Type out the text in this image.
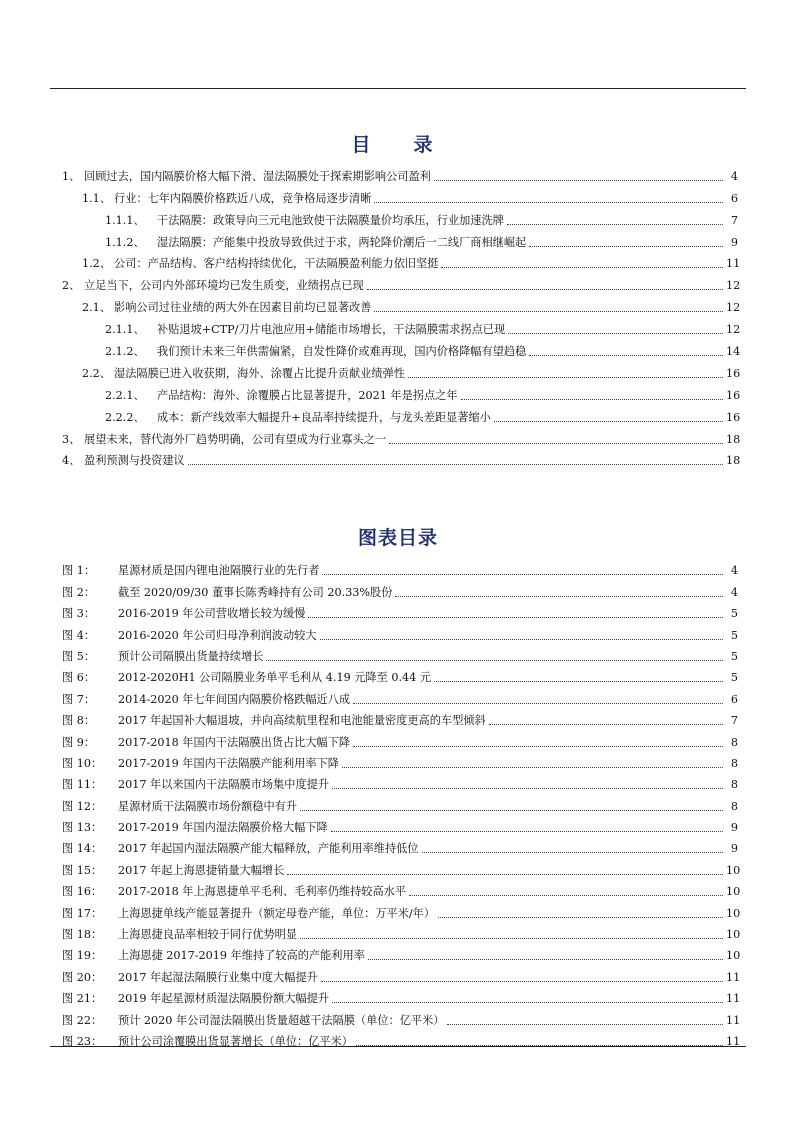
目　录
1、 回顾过去，国内隔膜价格大幅下滑、湿法隔膜处于探索期影响公司盈利	4
1.1、 行业：七年内隔膜价格跌近八成，竞争格局逐步清晰	6
1.1.1、	干法隔膜：政策导向三元电池致使干法隔膜量价均承压，行业加速洗牌	7
1.1.2、	湿法隔膜：产能集中投放导致供过于求，两轮降价潮后一二线厂商相继崛起	9
1.2、 公司：产品结构、客户结构持续优化，干法隔膜盈利能力依旧坚挺	11
2、 立足当下，公司内外部环境均已发生质变，业绩拐点已现	12
2.1、 影响公司过往业绩的两大外在因素目前均已显著改善	12
2.1.1、	补贴退坡+CTP/刀片电池应用+储能市场增长，干法隔膜需求拐点已现	12
2.1.2、	我们预计未来三年供需偏紧，自发性降价或难再现，国内价格降幅有望趋稳	14
2.2、 湿法隔膜已进入收获期，海外、涂覆占比提升贡献业绩弹性	16
2.2.1、	产品结构：海外、涂覆膜占比显著提升，2021 年是拐点之年	16
2.2.2、	成本：新产线效率大幅提升+良品率持续提升，与龙头差距显著缩小	16
3、 展望未来，替代海外厂趋势明确，公司有望成为行业寡头之一	18
4、 盈利预测与投资建议	18
图表目录
图 1：	星源材质是国内锂电池隔膜行业的先行者	4
图 2：	截至 2020/09/30 董事长陈秀峰持有公司 20.33%股份	4
图 3：	2016-2019 年公司营收增长较为缓慢	5
图 4：	2016-2020 年公司归母净利润波动较大	5
图 5：	预计公司隔膜出货量持续增长	5
图 6：	2012-2020H1 公司隔膜业务单平毛利从 4.19 元降至 0.44 元	5
图 7：	2014-2020 年七年间国内隔膜价格跌幅近八成	6
图 8：	2017 年起国补大幅退坡，并向高续航里程和电池能量密度更高的车型倾斜	7
图 9：	2017-2018 年国内干法隔膜出货占比大幅下降	8
图 10：	2017-2019 年国内干法隔膜产能利用率下降	8
图 11：	2017 年以来国内干法隔膜市场集中度提升	8
图 12：	星源材质干法隔膜市场份额稳中有升	8
图 13：	2017-2019 年国内湿法隔膜价格大幅下降	9
图 14：	2017 年起国内湿法隔膜产能大幅释放，产能利用率维持低位	9
图 15：	2017 年起上海恩捷销量大幅增长	10
图 16：	2017-2018 年上海恩捷单平毛利、毛利率仍维持较高水平	10
图 17：	上海恩捷单线产能显著提升（额定母卷产能，单位：万平米/年）	10
图 18：	上海恩捷良品率相较于同行优势明显	10
图 19：	上海恩捷 2017-2019 年维持了较高的产能利用率	10
图 20：	2017 年起湿法隔膜行业集中度大幅提升	11
图 21：	2019 年起星源材质湿法隔膜份额大幅提升	11
图 22：	预计 2020 年公司湿法隔膜出货量超越干法隔膜（单位：亿平米）	11
图 23：	预计公司涂覆膜出货显著增长（单位：亿平米）	11
